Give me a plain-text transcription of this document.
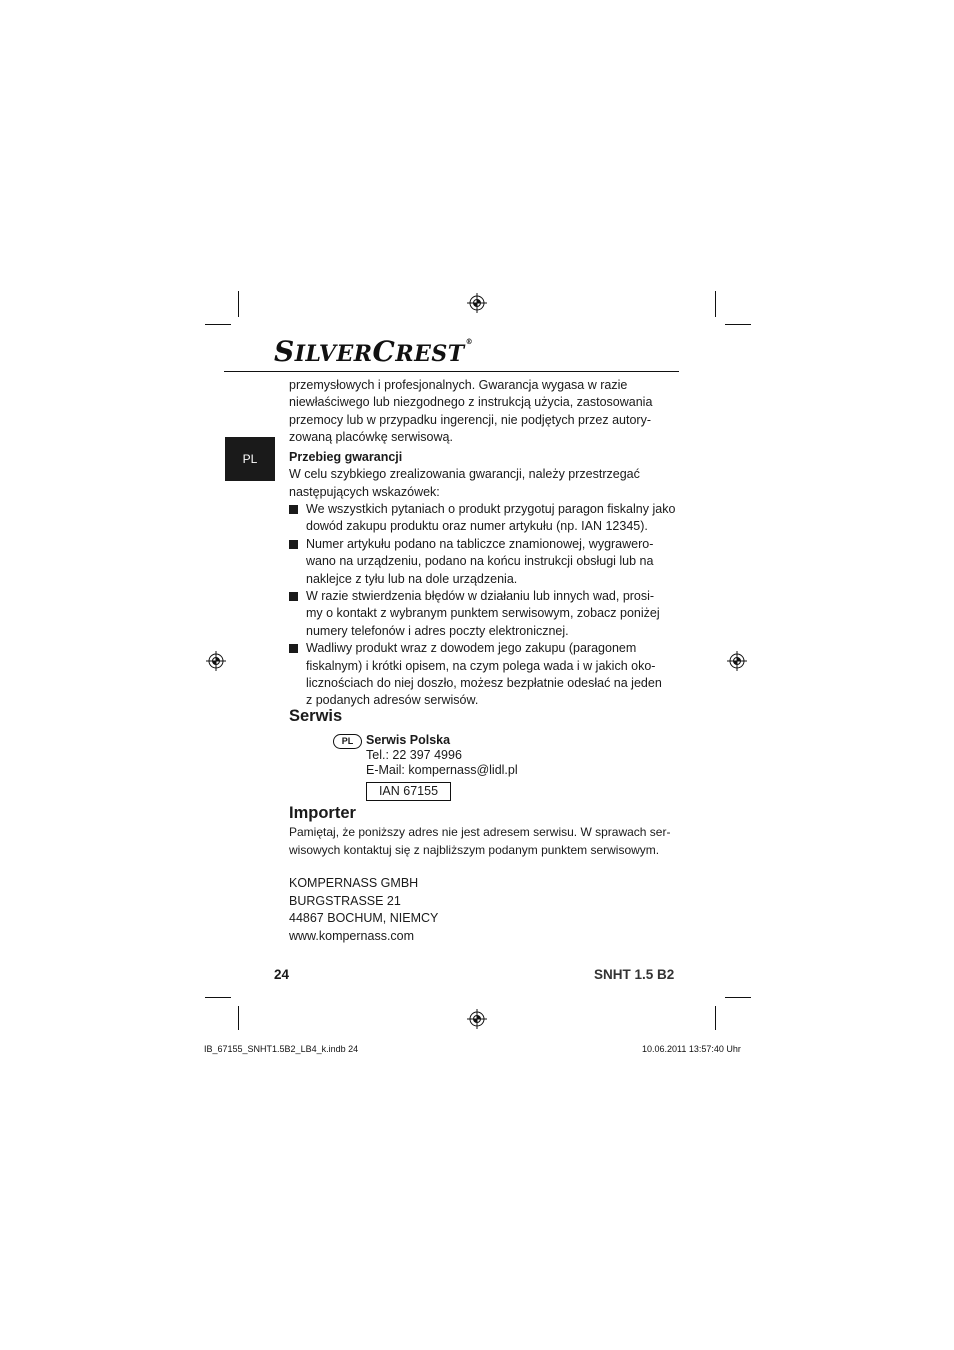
SILVERCREST®
PL

przemysłowych i profesjonalnych. Gwarancja wygasa w razie

niewłaściwego lub niezgodnego z instrukcją użycia, zastosowania

przemocy lub w przypadku ingerencji, nie podjętych przez autory-

zowaną placówkę serwisową.

Przebieg gwarancji

W celu szybkiego zrealizowania gwarancji, należy przestrzegać

następujących wskazówek:

We wszystkich pytaniach o produkt przygotuj paragon fiskalny jako

dowód zakupu produktu oraz numer artykułu (np. IAN 12345).

Numer artykułu podano na tabliczce znamionowej, wygrawero-

wano na urządzeniu, podano na końcu instrukcji obsługi lub na

naklejce z tyłu lub na dole urządzenia.

W razie stwierdzenia błędów w działaniu lub innych wad, prosi-

my o kontakt z wybranym punktem serwisowym, zobacz poniżej

numery telefonów i adres poczty elektronicznej.

Wadliwy produkt wraz z dowodem jego zakupu (paragonem

fiskalnym) i krótki opisem, na czym polega wada i w jakich oko-

licznościach do niej doszło, możesz bezpłatnie odesłać na jeden

z podanych adresów serwisów.

Serwis
PL	Serwis Polska
Tel.: 22 397 4996
E-Mail: kompernass@lidl.pl
IAN 67155
Importer

Pamiętaj, że poniższy adres nie jest adresem serwisu. W sprawach ser-

wisowych kontaktuj się z najbliższym podanym punktem serwisowym.

KOMPERNASS GMBH

BURGSTRASSE 21

44867 BOCHUM, NIEMCY

www.kompernass.com

24	SNHT 1.5 B2
IB_67155_SNHT1.5B2_LB4_k.indb 24	10.06.2011 13:57:40 Uhr
